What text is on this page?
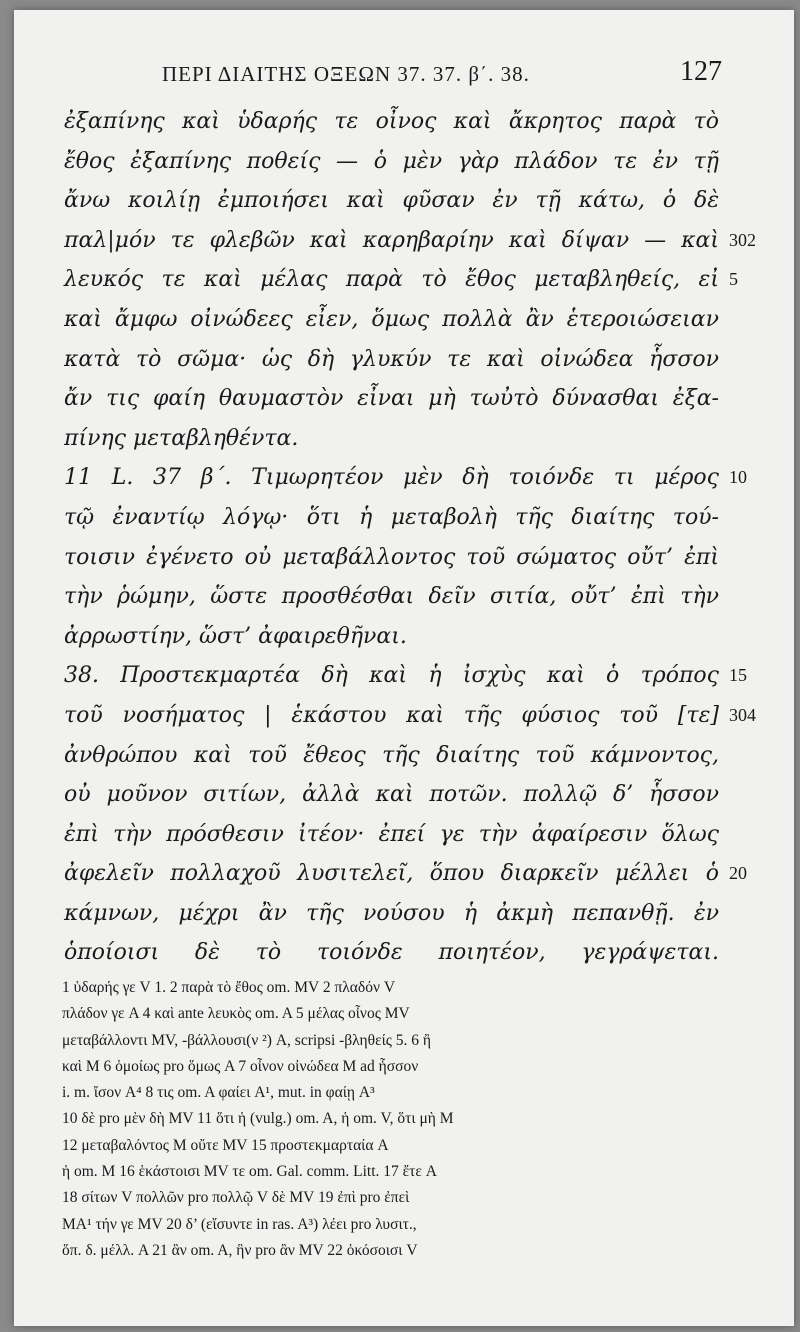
ΠΕΡΙ ΔΙΑΙΤΗΣ ΟΞΕΩΝ 37. 37. β΄. 38.	127
ἐξαπίνης καὶ ὑδαρής τε οἶνος καὶ ἄκρητος παρὰ τὸ
ἔθος ἐξαπίνης ποθείς — ὁ μὲν γὰρ πλάδον τε ἐν τῇ
ἄνω κοιλίῃ ἐμποιήσει καὶ φῦσαν ἐν τῇ κάτω, ὁ δὲ
παλ|μόν τε φλεβῶν καὶ καρηβαρίην καὶ δίψαν — καὶ 302
λευκός τε καὶ μέλας παρὰ τὸ ἔθος μεταβληθείς, εἰ 5
καὶ ἄμφω οἰνώδεες εἶεν, ὅμως πολλὰ ἂν ἑτεροιώσειαν
κατὰ τὸ σῶμα· ὡς δὴ γλυκύν τε καὶ οἰνώδεα ἧσσον
ἄν τις φαίη θαυμαστὸν εἶναι μὴ τωὐτὸ δύνασθαι ἐξα-
πίνης μεταβληθέντα.
11 L. 37 β΄. Τιμωρητέον μὲν δὴ τοιόνδε τι μέρος 10
τῷ ἐναντίῳ λόγῳ· ὅτι ἡ μεταβολὴ τῆς διαίτης τού-
τοισιν ἐγένετο οὐ μεταβάλλοντος τοῦ σώματος οὔτ’ ἐπὶ
τὴν ῥώμην, ὥστε προσθέσθαι δεῖν σιτία, οὔτ’ ἐπὶ τὴν
ἀρρωστίην, ὥστ’ ἀφαιρεθῆναι.
38. Προστεκμαρτέα δὴ καὶ ἡ ἰσχὺς καὶ ὁ τρόπος 15
τοῦ νοσήματος | ἑκάστου καὶ τῆς φύσιος τοῦ [τε] 304
ἀνθρώπου καὶ τοῦ ἔθεος τῆς διαίτης τοῦ κάμνοντος,
οὐ μοῦνον σιτίων, ἀλλὰ καὶ ποτῶν. πολλῷ δ’ ἧσσον
ἐπὶ τὴν πρόσθεσιν ἰτέον· ἐπεί γε τὴν ἀφαίρεσιν ὅλως
ἀφελεῖν πολλαχοῦ λυσιτελεῖ, ὅπου διαρκεῖν μέλλει ὁ 20
κάμνων, μέχρι ἂν τῆς νούσου ἡ ἀκμὴ πεπανθῇ. ἐν
ὁποίοισι δὲ τὸ τοιόνδε ποιητέον, γεγράψεται.
1 ὑδαρής γε V 1. 2 παρὰ τὸ ἔθος om. MV 2 πλαδόν V
πλάδον γε A 4 καὶ ante λευκὸς om. A 5 μέλας οἶνος MV
μεταβάλλοντι MV, -βάλλουσι(ν ²) A, scripsi -βληθείς 5. 6 ἢ
καὶ M 6 ὁμοίως pro ὅμως A 7 οἶνον οἰνώδεα M ad ἧσσον
i. m. ἴσον A⁴ 8 τις om. A φαίει A¹, mut. in φαίῃ A³
10 δὲ pro μὲν δὴ MV 11 ὅτι ἡ (vulg.) om. A, ἡ om. V, ὅτι μὴ M
12 μεταβαλόντος M οὔτε MV 15 προστεκμαρταία A
ἡ om. M 16 ἑκάστοισι MV τε om. Gal. comm. Litt. 17 ἔτε A
18 σίτων V πολλῶν pro πολλῷ V δὲ MV 19 ἐπὶ pro ἐπεὶ
MA¹ τήν γε MV 20 δ’ (εἴσυντε in ras. A³) λέει pro λυσιτ.,
ὅπ. δ. μέλλ. A 21 ἂν om. A, ἣν pro ἂν MV 22 ὁκόσοισι V
